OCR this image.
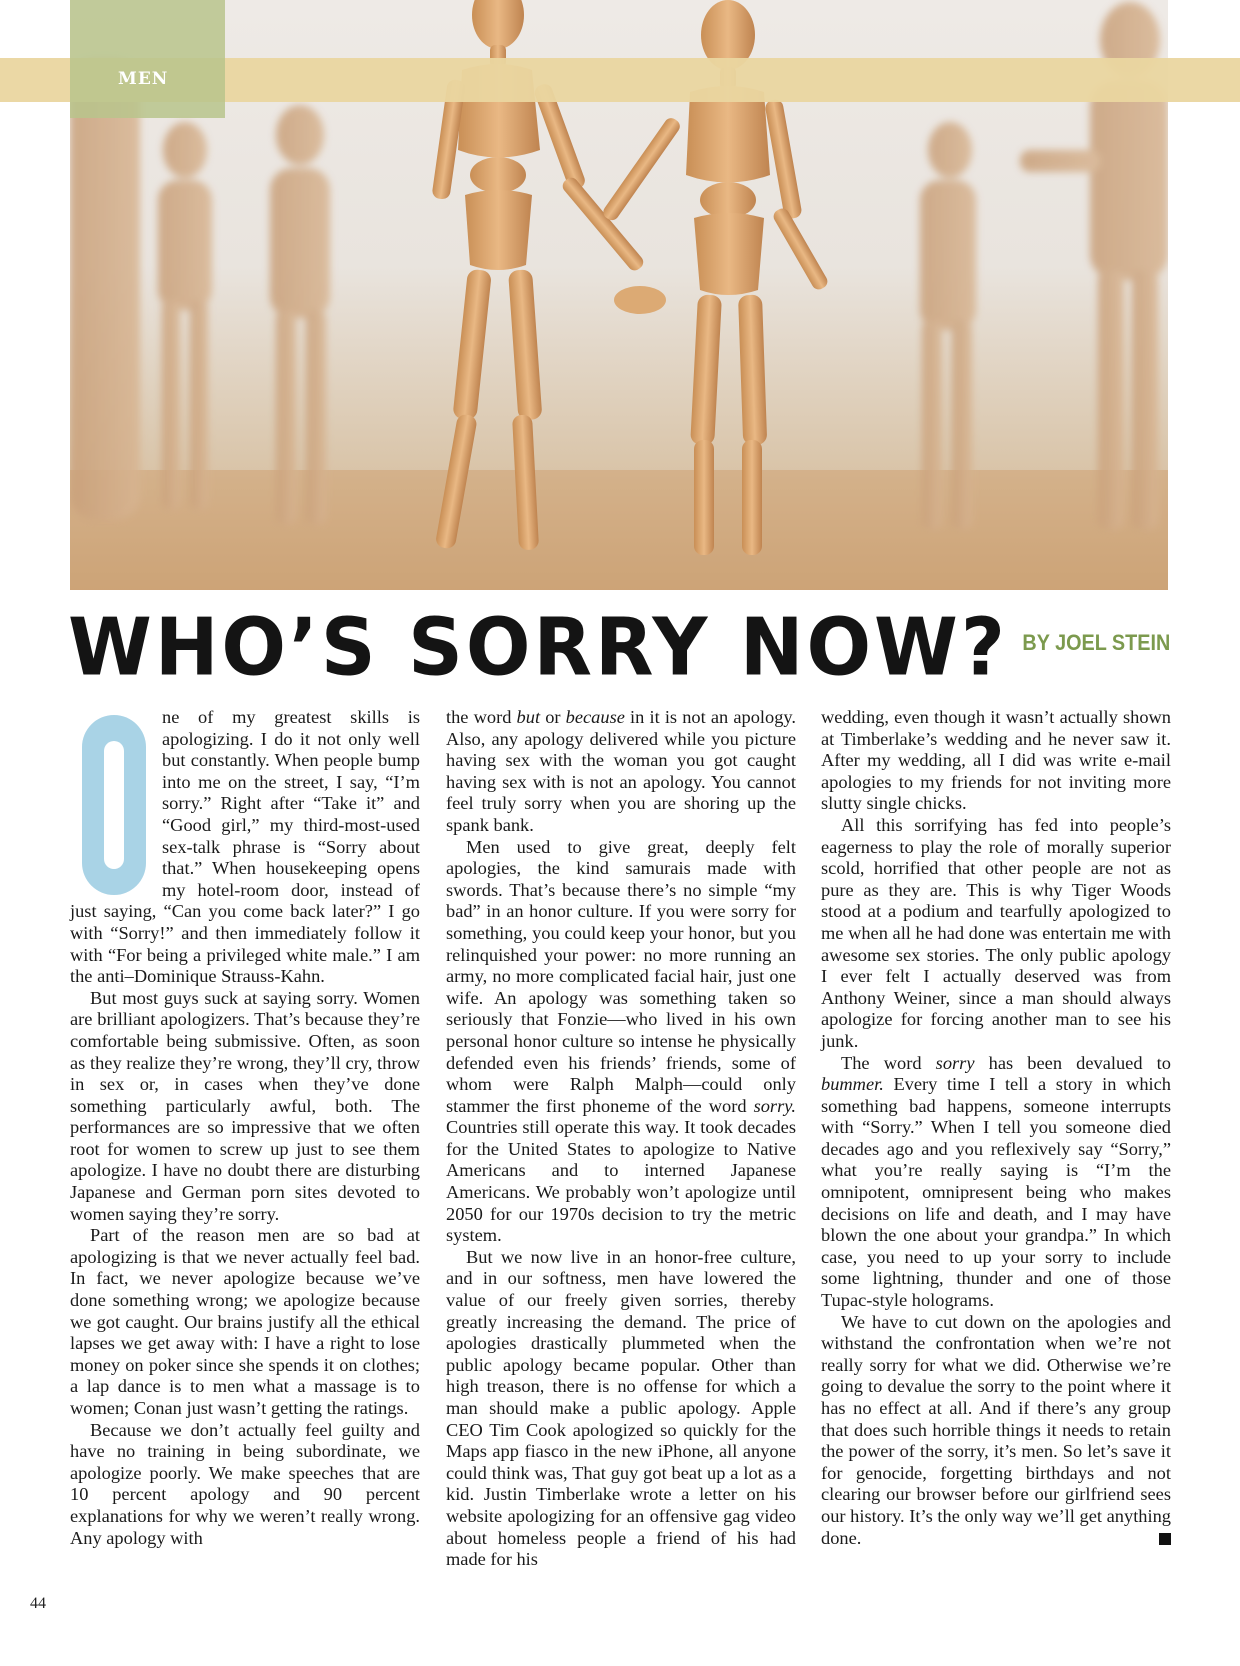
MEN
WHO’S SORRY NOW? BY JOEL STEIN

ne of my greatest skills is apologizing. I do it not only well but constantly. When people bump into me on the street, I say, “I’m sorry.” Right after “Take it” and “Good girl,” my third-most-used sex-talk phrase is “Sorry about that.” When housekeeping opens my hotel-room door, instead of just saying, “Can you come back later?” I go with “Sorry!” and then immediately follow it with “For being a privileged white male.” I am the anti–Dominique Strauss-Kahn.

But most guys suck at saying sorry. Women are brilliant apologizers. That’s because they’re comfortable being submissive. Often, as soon as they realize they’re wrong, they’ll cry, throw in sex or, in cases when they’ve done something particularly awful, both. The performances are so impressive that we often root for women to screw up just to see them apologize. I have no doubt there are disturbing Japanese and German porn sites devoted to women saying they’re sorry.

Part of the reason men are so bad at apologizing is that we never actually feel bad. In fact, we never apologize because we’ve done something wrong; we apologize because we got caught. Our brains justify all the ethical lapses we get away with: I have a right to lose money on poker since she spends it on clothes; a lap dance is to men what a massage is to women; Conan just wasn’t getting the ratings.

Because we don’t actually feel guilty and have no training in being subordinate, we apologize poorly. We make speeches that are 10 percent apology and 90 percent explanations for why we weren’t really wrong. Any apology with

the word but or because in it is not an apology. Also, any apology delivered while you picture having sex with the woman you got caught having sex with is not an apology. You cannot feel truly sorry when you are shoring up the spank bank.

Men used to give great, deeply felt apologies, the kind samurais made with swords. That’s because there’s no simple “my bad” in an honor culture. If you were sorry for something, you could keep your honor, but you relinquished your power: no more running an army, no more complicated facial hair, just one wife. An apology was something taken so seriously that Fonzie—who lived in his own personal honor culture so intense he physically defended even his friends’ friends, some of whom were Ralph Malph—could only stammer the first phoneme of the word sorry. Countries still operate this way. It took decades for the United States to apologize to Native Americans and to interned Japanese Americans. We probably won’t apologize until 2050 for our 1970s decision to try the metric system.

But we now live in an honor-free culture, and in our softness, men have lowered the value of our freely given sorries, thereby greatly increasing the demand. The price of apologies drastically plummeted when the public apology became popular. Other than high treason, there is no offense for which a man should make a public apology. Apple CEO Tim Cook apologized so quickly for the Maps app fiasco in the new iPhone, all anyone could think was, That guy got beat up a lot as a kid. Justin Timberlake wrote a letter on his website apologizing for an offensive gag video about homeless people a friend of his had made for his

wedding, even though it wasn’t actually shown at Timberlake’s wedding and he never saw it. After my wedding, all I did was write e-mail apologies to my friends for not inviting more slutty single chicks.

All this sorrifying has fed into people’s eagerness to play the role of morally superior scold, horrified that other people are not as pure as they are. This is why Tiger Woods stood at a podium and tearfully apologized to me when all he had done was entertain me with awesome sex stories. The only public apology I ever felt I actually deserved was from Anthony Weiner, since a man should always apologize for forcing another man to see his junk.

The word sorry has been devalued to bummer. Every time I tell a story in which something bad happens, someone interrupts with “Sorry.” When I tell you someone died decades ago and you reflexively say “Sorry,” what you’re really saying is “I’m the omnipotent, omnipresent being who makes decisions on life and death, and I may have blown the one about your grandpa.” In which case, you need to up your sorry to include some lightning, thunder and one of those Tupac-style holograms.

We have to cut down on the apologies and withstand the confrontation when we’re not really sorry for what we did. Otherwise we’re going to devalue the sorry to the point where it has no effect at all. And if there’s any group that does such horrible things it needs to retain the power of the sorry, it’s men. So let’s save it for genocide, forgetting birthdays and not clearing our browser before our girlfriend sees our history. It’s the only way we’ll get anything done.

44
